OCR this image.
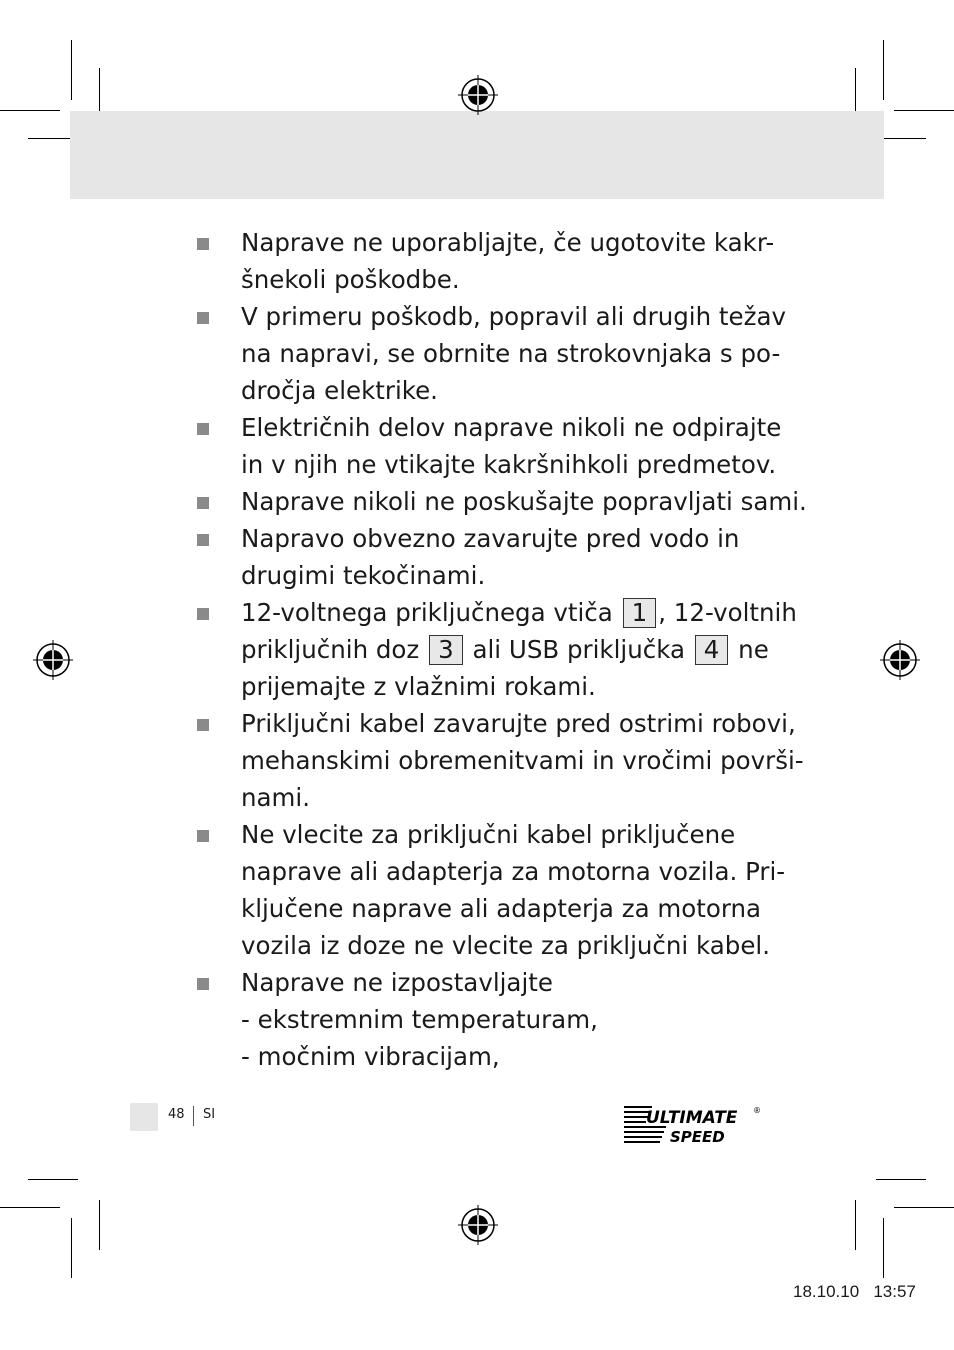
Naprave ne uporabljajte, če ugotovite kakr-
šnekoli poškodbe.
V primeru poškodb, popravil ali drugih težav
na napravi, se obrnite na strokovnjaka s po-
dročja elektrike.
Električnih delov naprave nikoli ne odpirajte
in v njih ne vtikajte kakršnihkoli predmetov.
Naprave nikoli ne poskušajte popravljati sami.
Napravo obvezno zavarujte pred vodo in
drugimi tekočinami.
12-voltnega priključnega vtiča 1 , 12-voltnih
priključnih doz 3 ali USB priključka 4 ne
prijemajte z vlažnimi rokami.
Priključni kabel zavarujte pred ostrimi robovi,
mehanskimi obremenitvami in vročimi površi-
nami.
Ne vlecite za priključni kabel priključene
naprave ali adapterja za motorna vozila. Pri-
ključene naprave ali adapterja za motorna
vozila iz doze ne vlecite za priključni kabel.
Naprave ne izpostavljajte
- ekstremnim temperaturam,
- močnim vibracijam,
48 SI	ULTIMATE
SPEED
®
18.10.10   13:57
